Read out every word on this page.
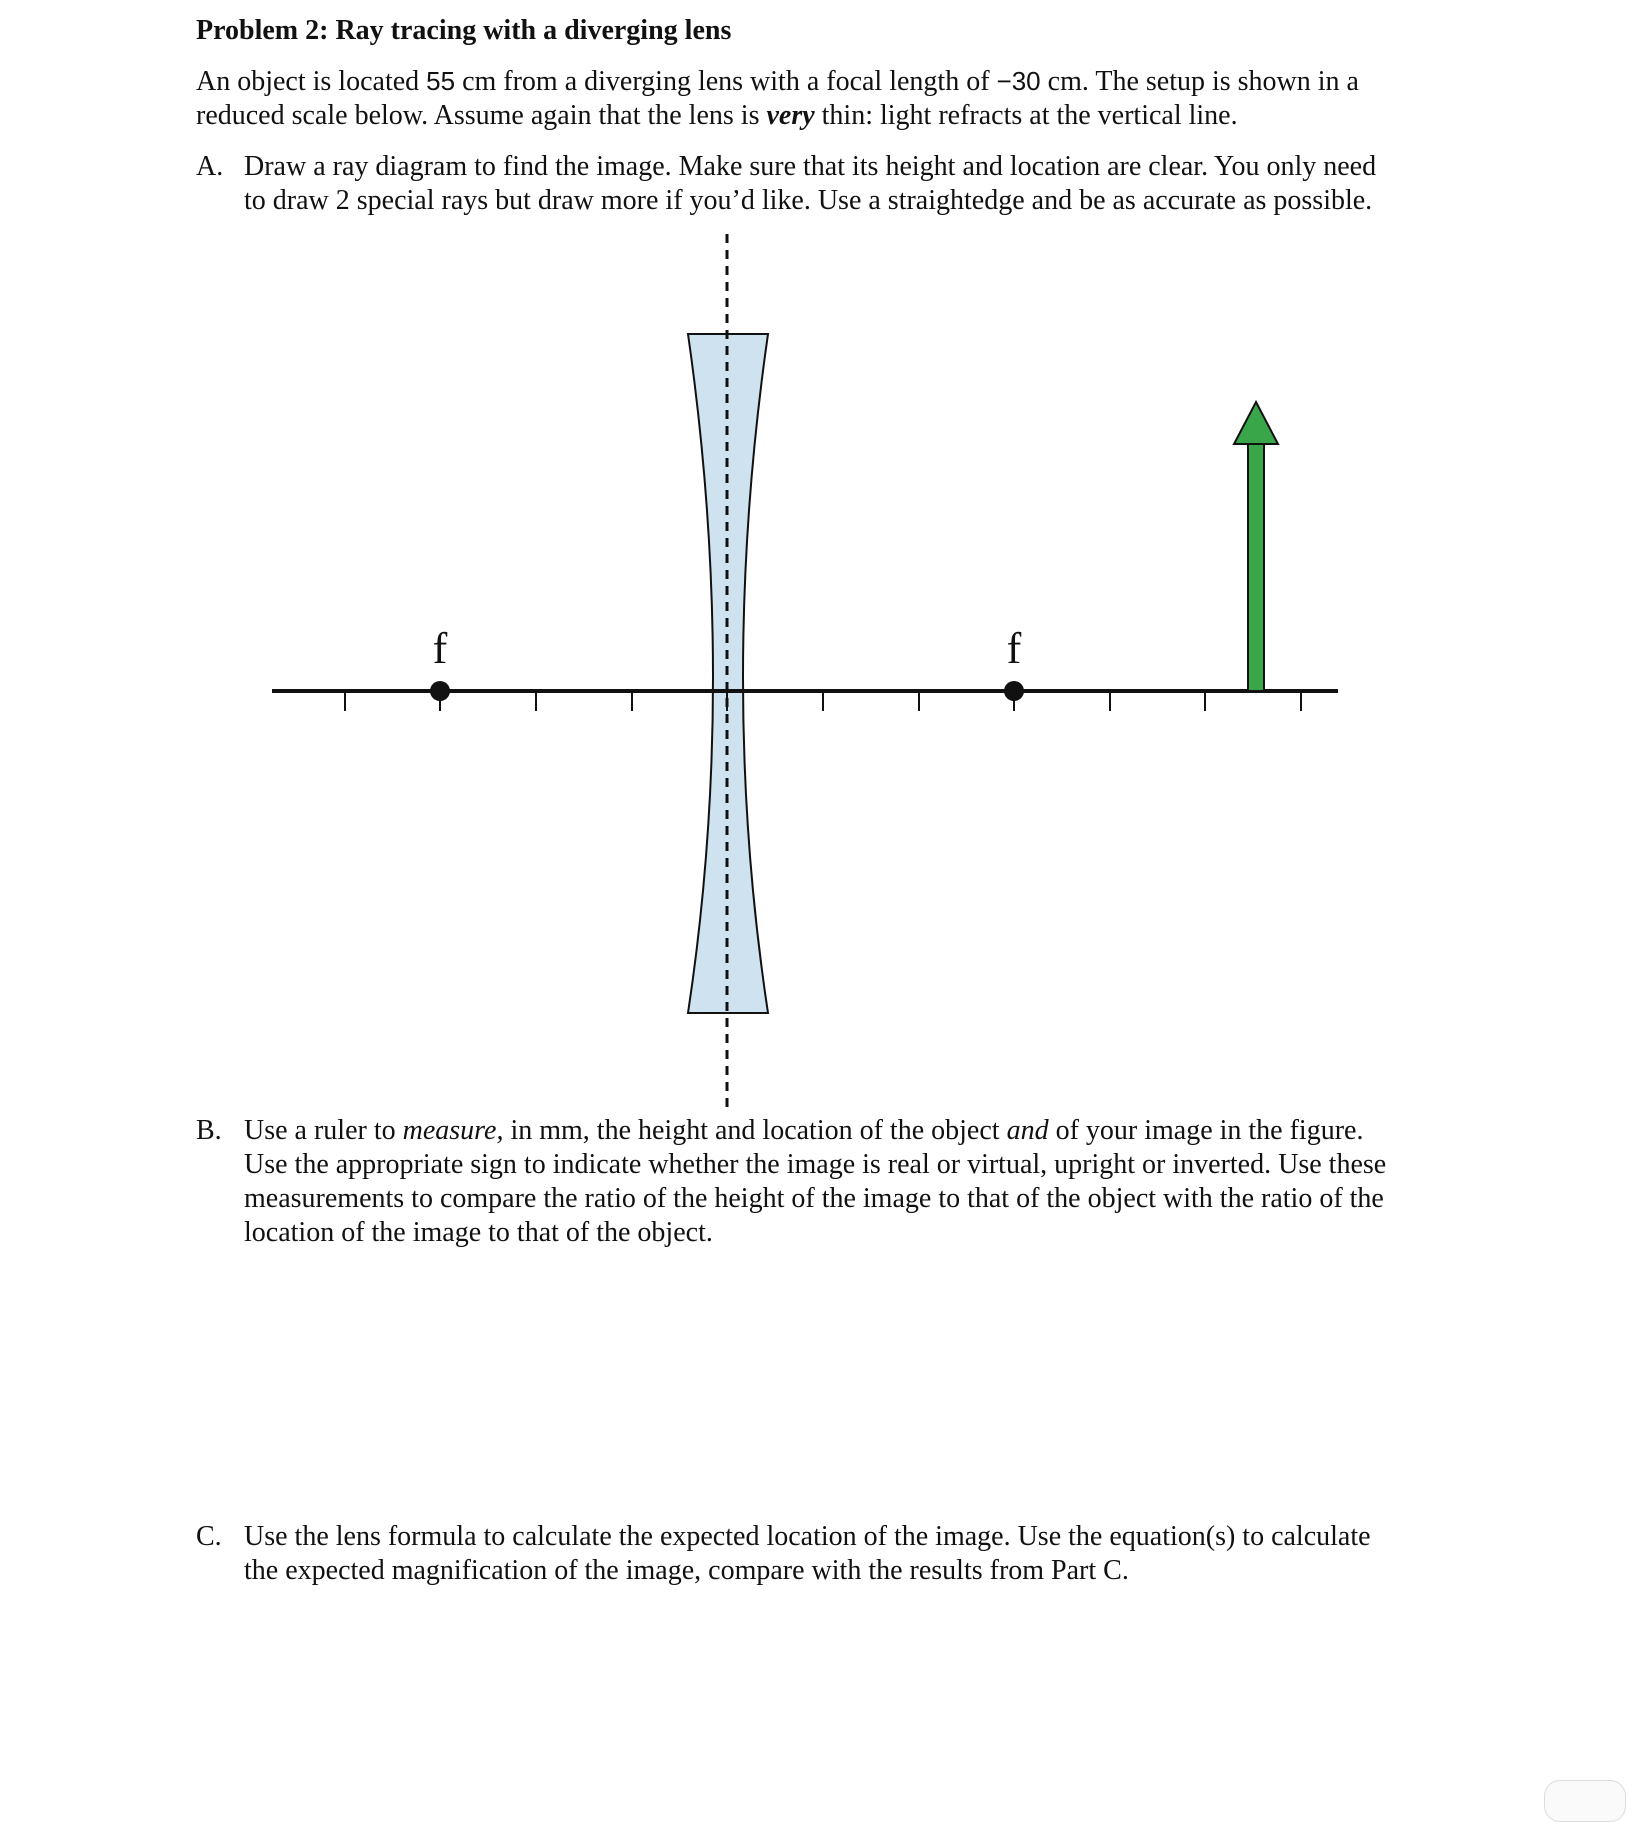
Problem 2: Ray tracing with a diverging lens
An object is located 55 cm from a diverging lens with a focal length of −30 cm. The setup is shown in a
reduced scale below. Assume again that the lens is very thin: light refracts at the vertical line.
A. Draw a ray diagram to find the image. Make sure that its height and location are clear. You only need
to draw 2 special rays but draw more if you’d like. Use a straightedge and be as accurate as possible.
f	f
B. Use a ruler to measure, in mm, the height and location of the object and of your image in the figure.
Use the appropriate sign to indicate whether the image is real or virtual, upright or inverted. Use these
measurements to compare the ratio of the height of the image to that of the object with the ratio of the
location of the image to that of the object.
C. Use the lens formula to calculate the expected location of the image. Use the equation(s) to calculate
the expected magnification of the image, compare with the results from Part C.
